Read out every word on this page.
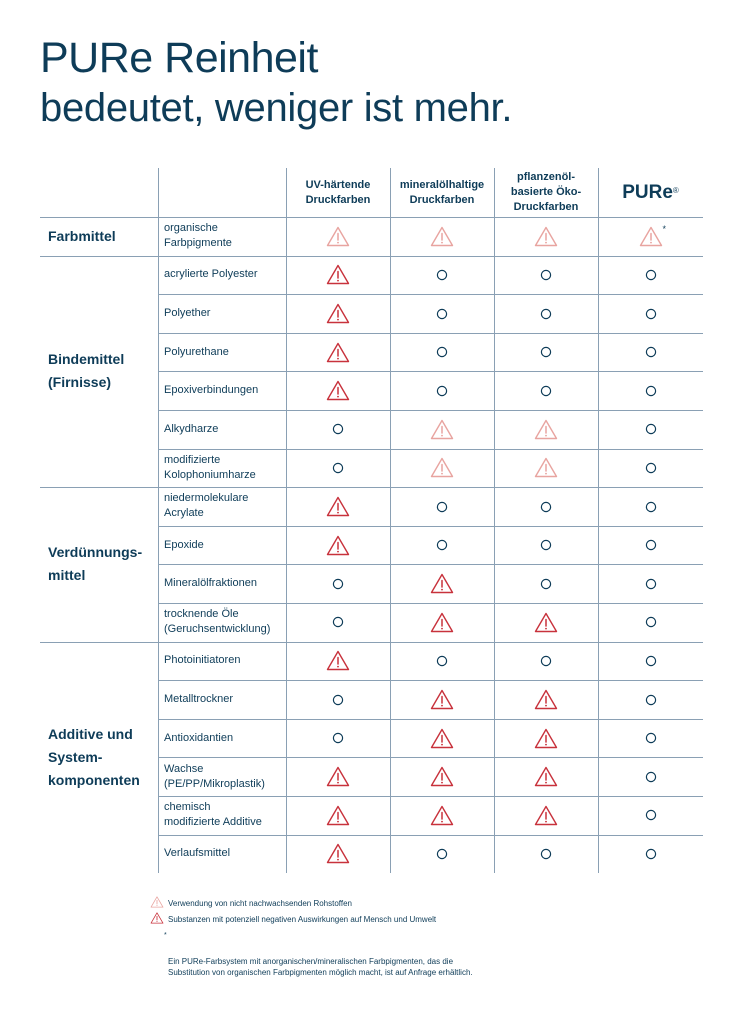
PURe Reinheit
bedeutet, weniger ist mehr.
UV-härtende
Druckfarben
mineralölhaltige
Druckfarben
pflanzenöl-
basierte Öko-
Druckfarben
PURe®
organische
Farbpigmente
*
Farbmittel
acrylierte Polyester
Polyether
Polyurethane
Epoxiverbindungen
Alkydharze
modifizierte
Kolophoniumharze
Bindemittel
(Firnisse)
niedermolekulare
Acrylate
Epoxide
Mineralölfraktionen
trocknende Öle
(Geruchsentwicklung)
Verdünnungs-
mittel
Photoinitiatoren
Metalltrockner
Antioxidantien
Wachse
(PE/PP/Mikroplastik)
chemisch
modifizierte Additive
Verlaufsmittel
Additive und
System-
komponenten
Verwendung von nicht nachwachsenden Rohstoffen
Substanzen mit potenziell negativen Auswirkungen auf Mensch und Umwelt

*

Ein PURe-Farbsystem mit anorganischen/mineralischen Farbpigmenten, das die
Substitution von organischen Farbpigmenten möglich macht, ist auf Anfrage erhältlich.
